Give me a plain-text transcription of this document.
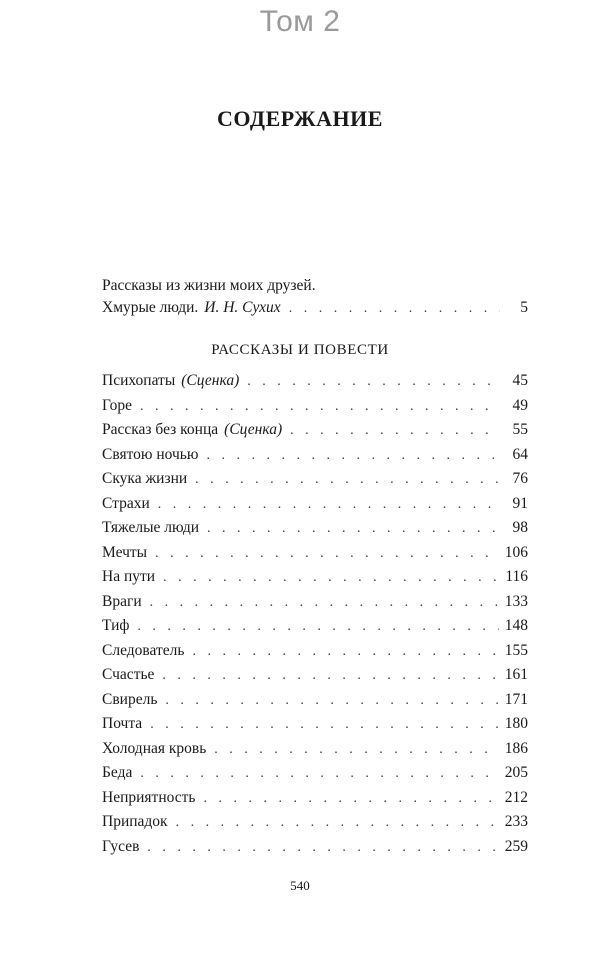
Том 2
СОДЕРЖАНИЕ
Рассказы из жизни моих друзей.
Хмурые люди. И. Н. Сухих . . .	5
РАССКАЗЫ И ПОВЕСТИ
Психопаты (Сценка) . . .	45
Горе . . .	49
Рассказ без конца (Сценка) . . .	55
Святою ночью . . .	64
Скука жизни . . .	76
Страхи . . .	91
Тяжелые люди . . .	98
Мечты . . .	106
На пути . . .	116
Враги . . .	133
Тиф . . .	148
Следователь . . .	155
Счастье . . .	161
Свирель . . .	171
Почта . . .	180
Холодная кровь . . .	186
Беда . . .	205
Неприятность . . .	212
Припадок . . .	233
Гусев . . .	259
540
